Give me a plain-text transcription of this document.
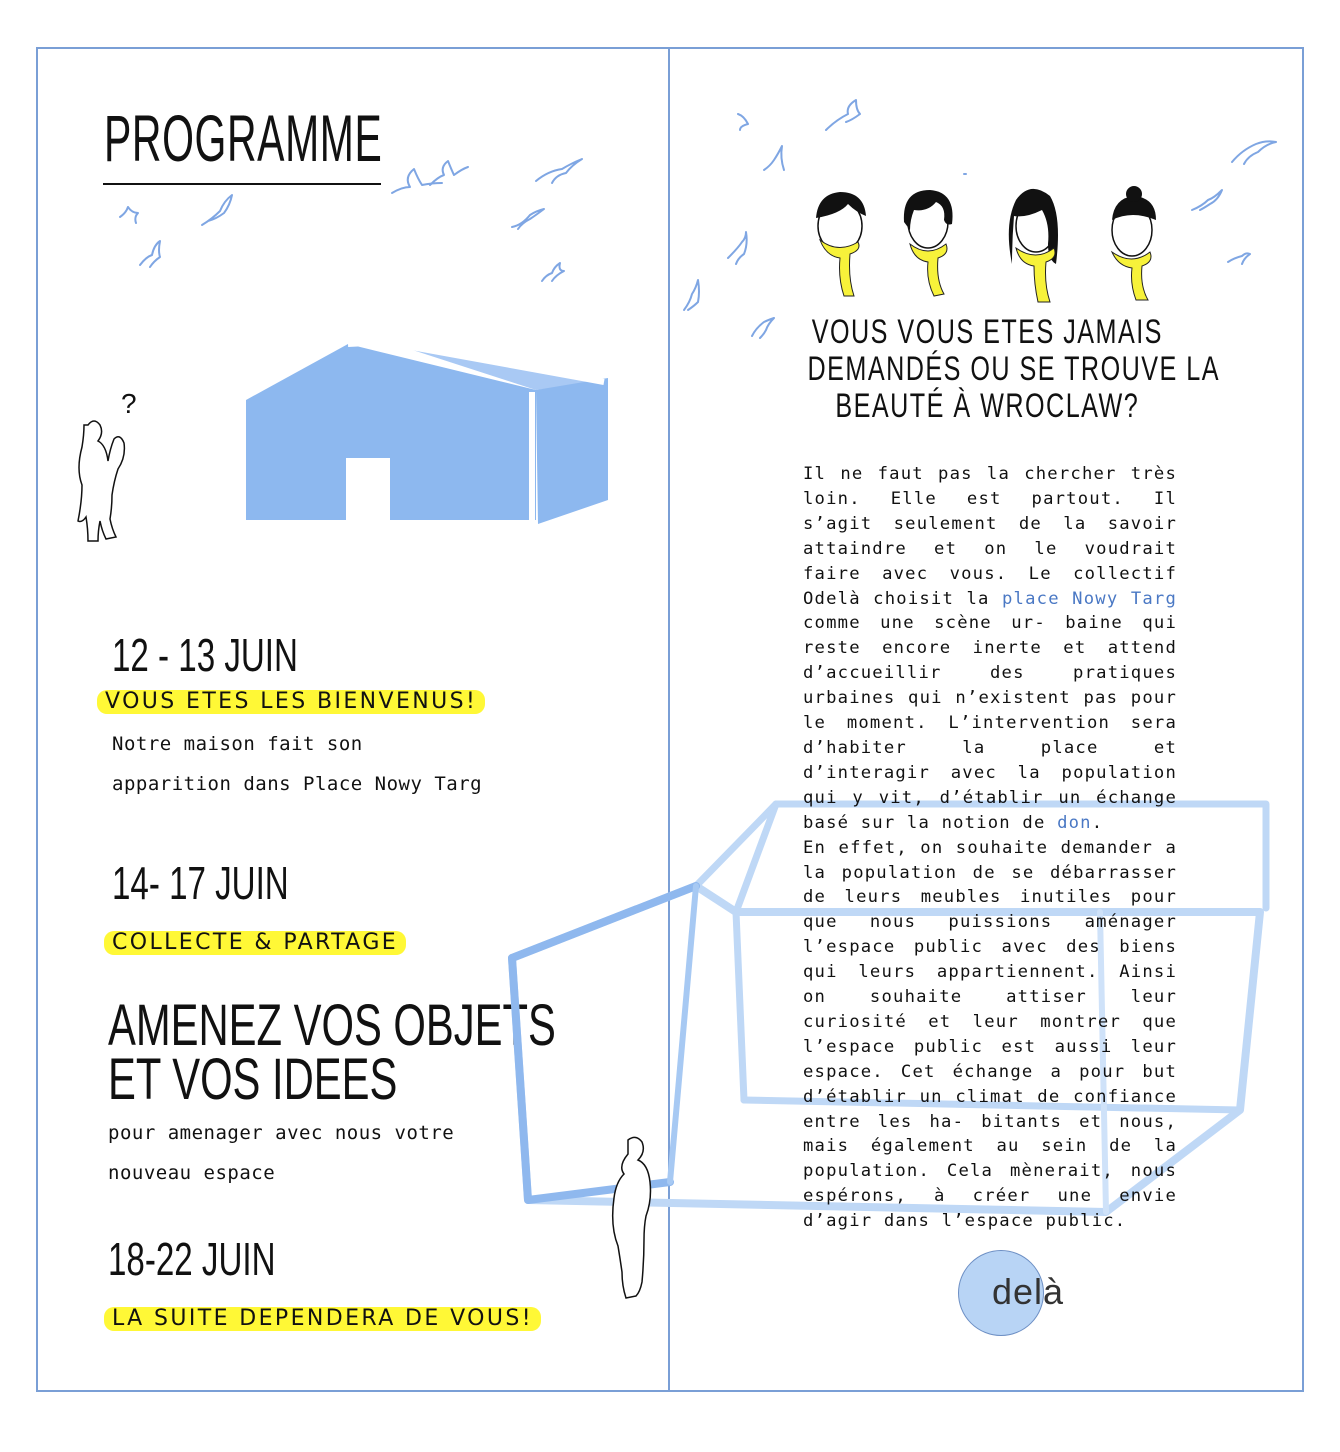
PROGRAMME
?
12 - 13 JUIN
VOUS ETES LES BIENVENUS!
Notre maison fait son
apparition dans Place Nowy Targ
14- 17 JUIN
COLLECTE & PARTAGE
AMENEZ VOS OBJETS
ET VOS IDEES
pour amenager avec nous votre
nouveau espace
18-22 JUIN
LA SUITE DEPENDERA DE VOUS!
VOUS VOUS ETES JAMAIS
DEMANDÉS OU SE TROUVE LA
BEAUTÉ À WROCLAW?
Il ne faut pas la chercher très loin. Elle est partout. Il s’agit seulement de la savoir attaindre et on le voudrait faire avec vous. Le collectif Odelà choisit la place Nowy Targ comme une scène ur- baine qui reste encore inerte et attend d’accueillir des pratiques urbaines qui n’existent pas pour le moment. L’intervention sera d’habiter la place et d’interagir avec la population qui y vit, d’établir un échange basé sur la notion de don.
En effet, on souhaite demander a la population de se débarrasser de leurs meubles inutiles pour que nous puissions aménager l’espace public avec des biens qui leurs appartiennent. Ainsi on souhaite attiser leur curiosité et leur montrer que l’espace public est aussi leur espace. Cet échange a pour but d’établir un climat de confiance entre les ha- bitants et nous, mais également au sein de la population. Cela mènerait, nous espérons, à créer une envie d’agir dans l’espace public.
delà
